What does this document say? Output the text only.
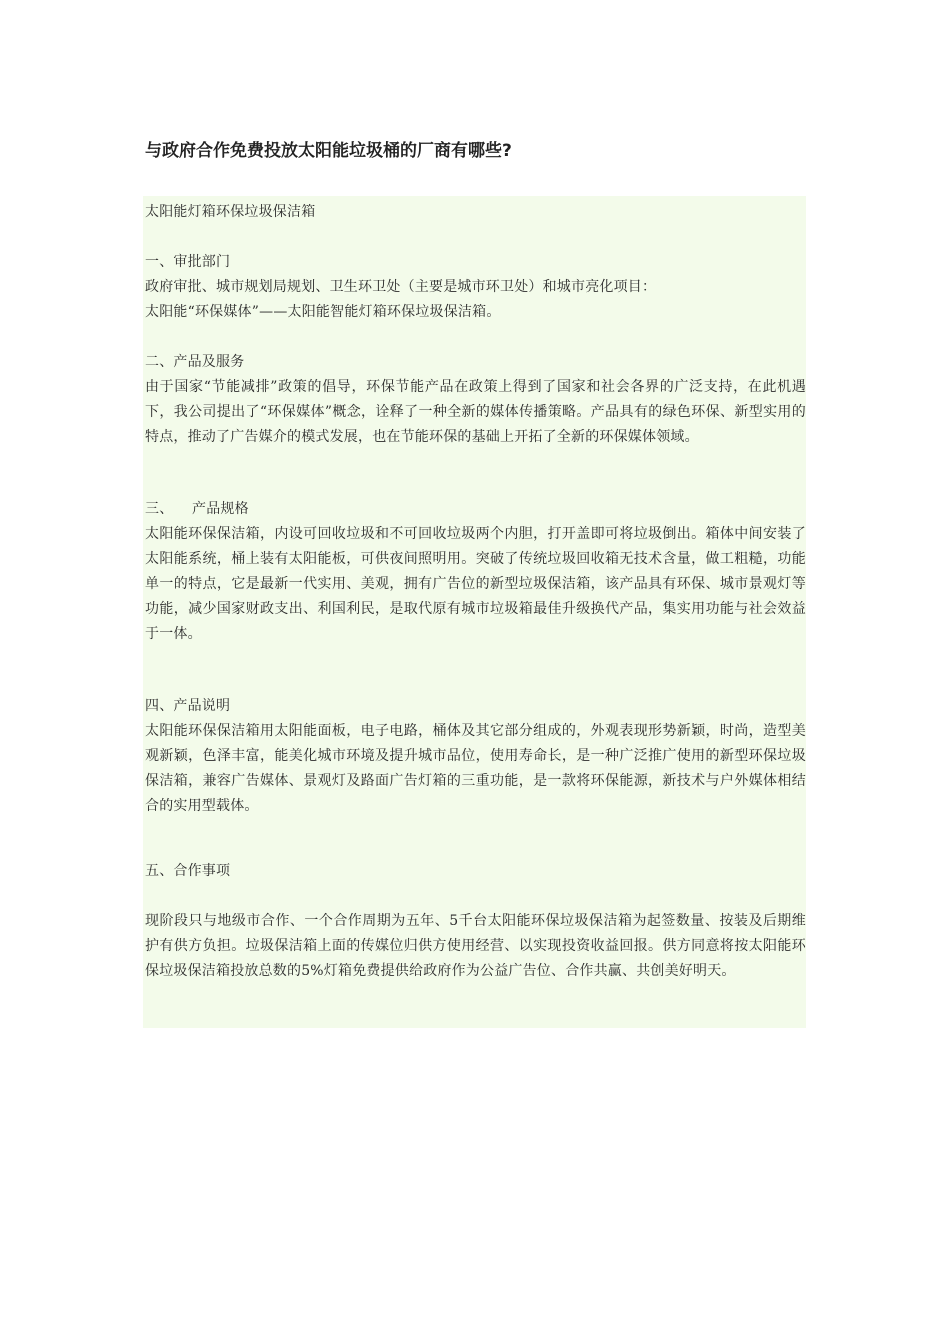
与政府合作免费投放太阳能垃圾桶的厂商有哪些?

太阳能灯箱环保垃圾保洁箱

一、审批部门

政府审批、城市规划局规划、卫生环卫处（主要是城市环卫处）和城市亮化项目：

太阳能“环保媒体”——太阳能智能灯箱环保垃圾保洁箱。

二、产品及服务

由于国家“节能减排”政策的倡导，环保节能产品在政策上得到了国家和社会各界的广泛支持，在此机遇下，我公司提出了“环保媒体”概念，诠释了一种全新的媒体传播策略。产品具有的绿色环保、新型实用的特点，推动了广告媒介的模式发展，也在节能环保的基础上开拓了全新的环保媒体领域。

三、    产品规格

太阳能环保保洁箱，内设可回收垃圾和不可回收垃圾两个内胆，打开盖即可将垃圾倒出。箱体中间安装了太阳能系统，桶上装有太阳能板，可供夜间照明用。突破了传统垃圾回收箱无技术含量，做工粗糙，功能单一的特点，它是最新一代实用、美观，拥有广告位的新型垃圾保洁箱，该产品具有环保、城市景观灯等功能，减少国家财政支出、利国利民，是取代原有城市垃圾箱最佳升级换代产品，集实用功能与社会效益于一体。

四、产品说明

太阳能环保保洁箱用太阳能面板，电子电路，桶体及其它部分组成的，外观表现形势新颖，时尚，造型美观新颖，色泽丰富，能美化城市环境及提升城市品位，使用寿命长，是一种广泛推广使用的新型环保垃圾保洁箱，兼容广告媒体、景观灯及路面广告灯箱的三重功能，是一款将环保能源，新技术与户外媒体相结合的实用型载体。

五、合作事项

现阶段只与地级市合作、一个合作周期为五年、5千台太阳能环保垃圾保洁箱为起签数量、按装及后期维护有供方负担。垃圾保洁箱上面的传媒位归供方使用经营、以实现投资收益回报。供方同意将按太阳能环保垃圾保洁箱投放总数的5%灯箱免费提供给政府作为公益广告位、合作共赢、共创美好明天。
